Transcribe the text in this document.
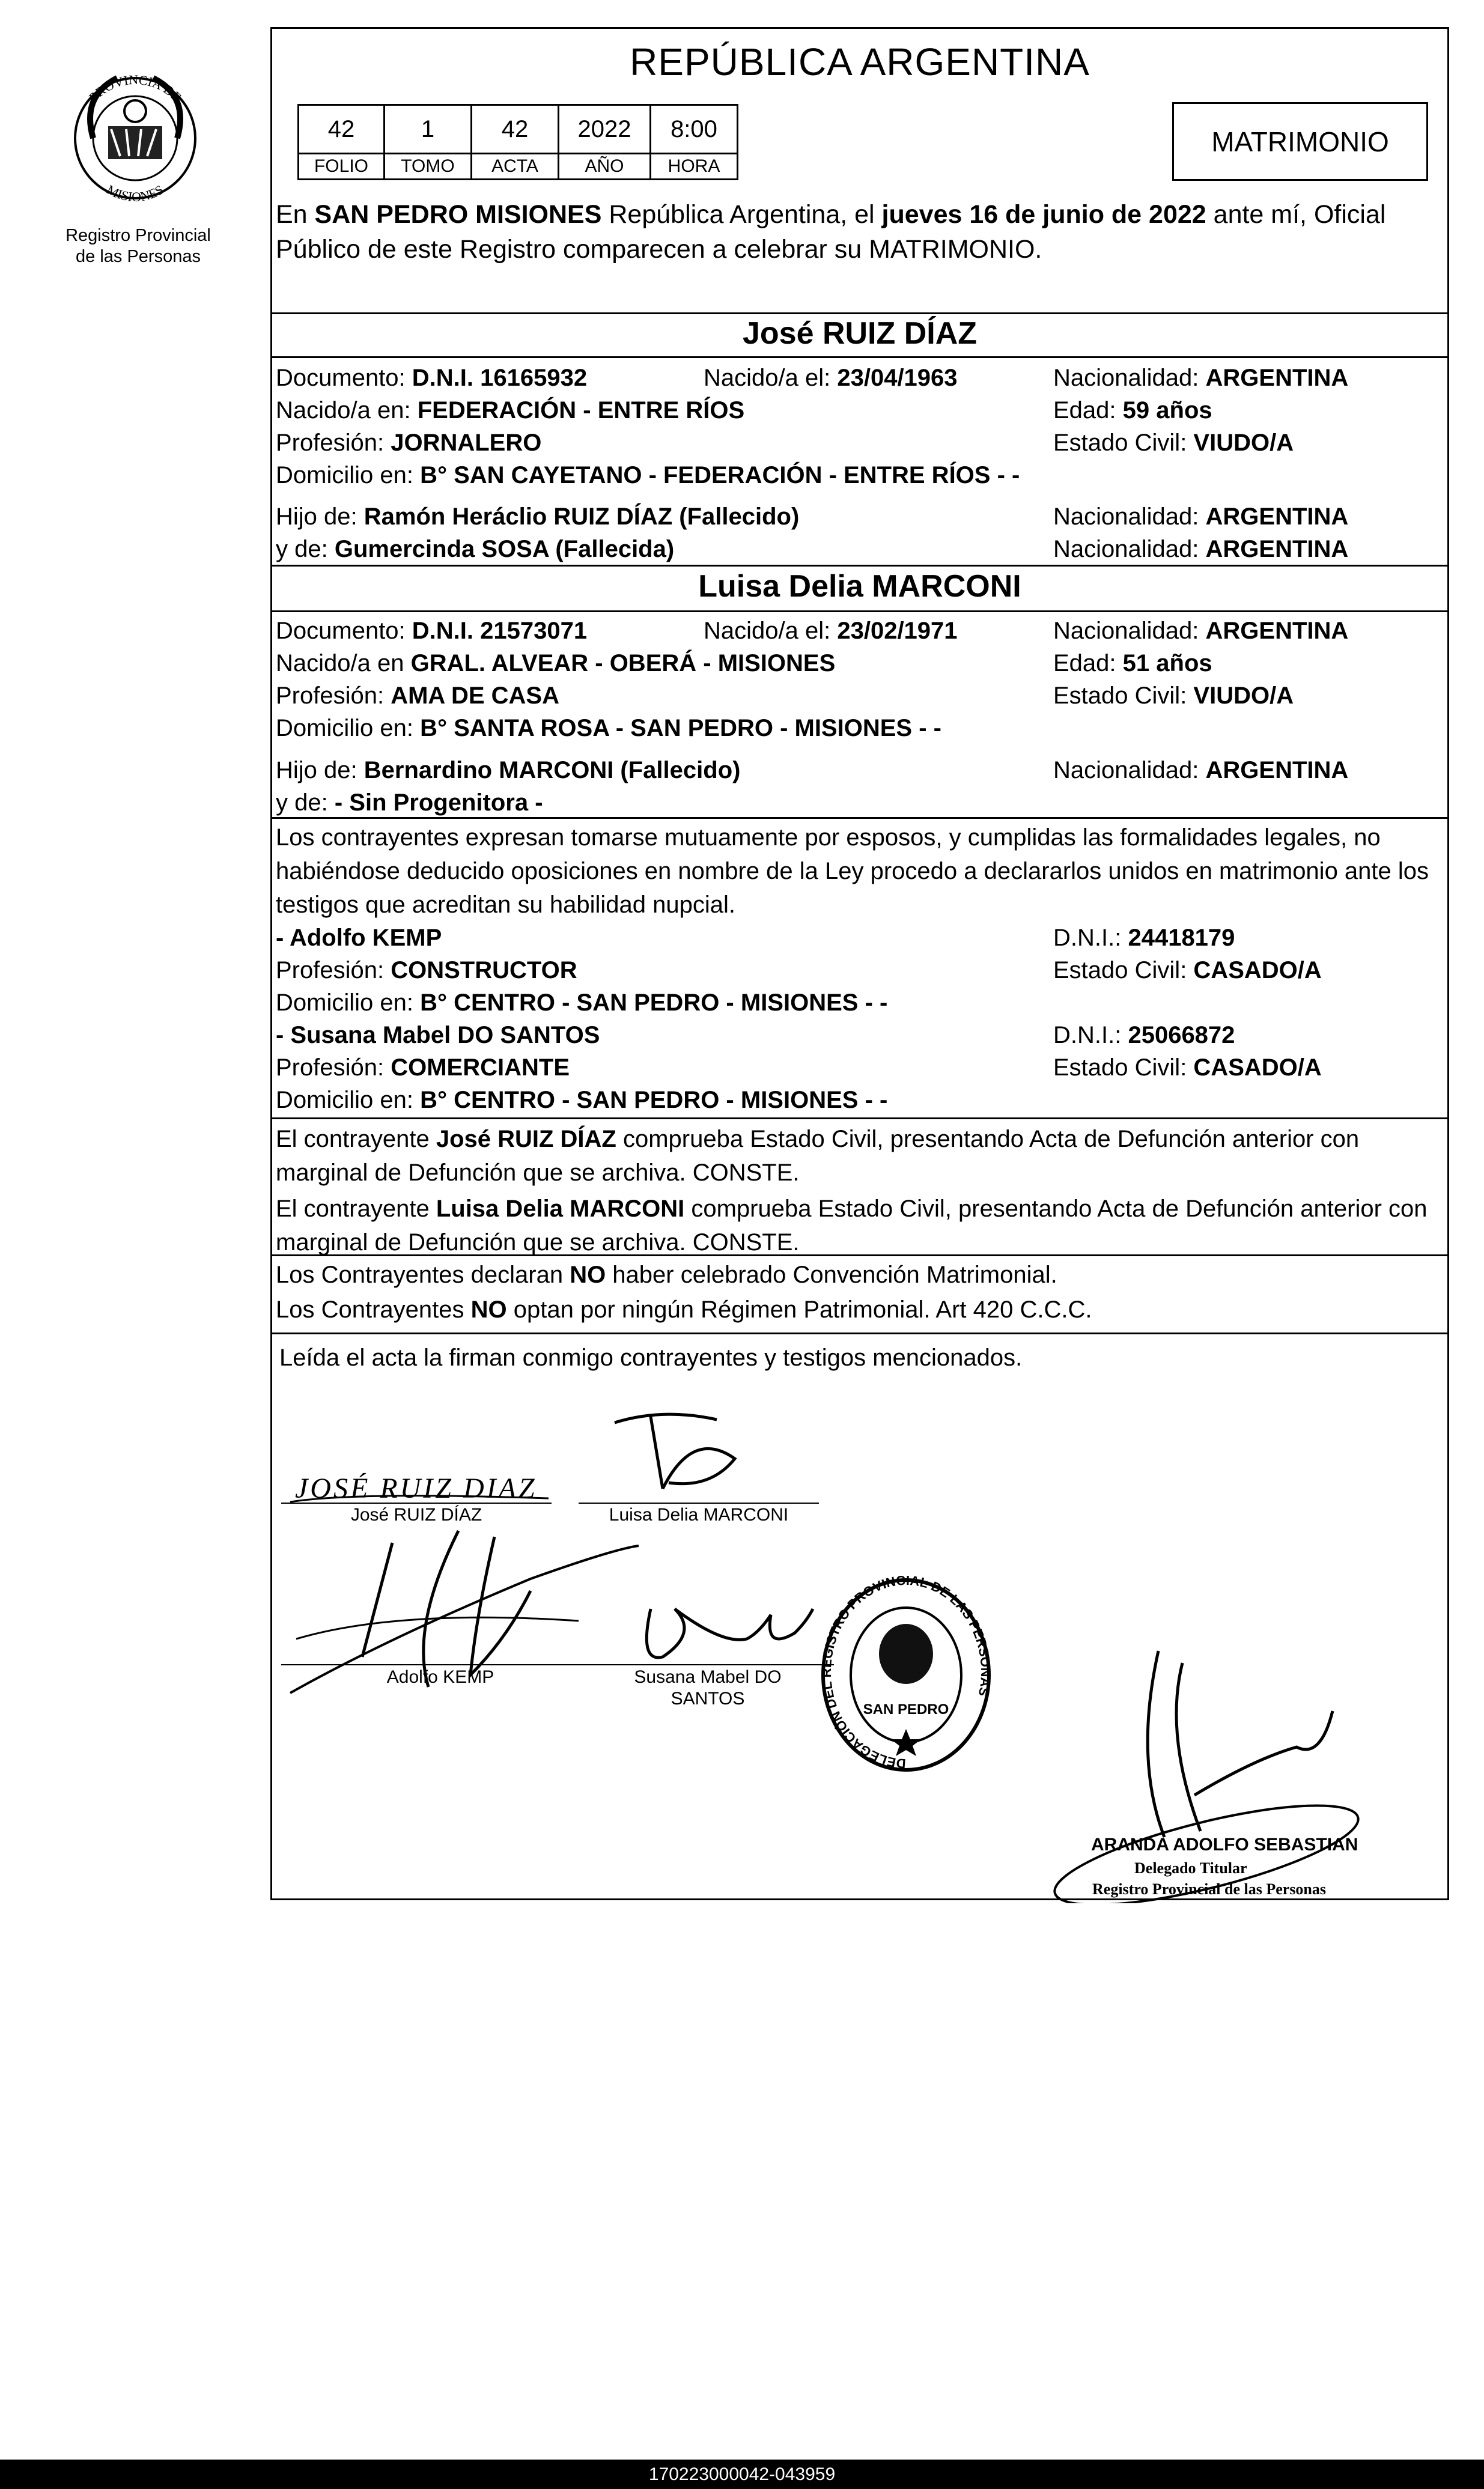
PROVINCIA DE
MISIONES
Registro Provincial
de las Personas
REPÚBLICA ARGENTINA
42	1	42	2022	8:00
FOLIO	TOMO	ACTA	AÑO	HORA
MATRIMONIO
En SAN PEDRO MISIONES República Argentina, el jueves 16 de junio de 2022 ante mí, Oficial Público de este Registro comparecen a celebrar su MATRIMONIO.
José RUIZ DÍAZ
Documento: D.N.I. 16165932	Nacido/a el: 23/04/1963	Nacionalidad: ARGENTINA
Nacido/a en: FEDERACIÓN - ENTRE RÍOS	Edad: 59 años
Profesión: JORNALERO	Estado Civil: VIUDO/A
Domicilio en: B° SAN CAYETANO - FEDERACIÓN - ENTRE RÍOS - -
Hijo de: Ramón Heráclio RUIZ DÍAZ (Fallecido)	Nacionalidad: ARGENTINA
y de: Gumercinda SOSA (Fallecida)	Nacionalidad: ARGENTINA
Luisa Delia MARCONI
Documento: D.N.I. 21573071	Nacido/a el: 23/02/1971	Nacionalidad: ARGENTINA
Nacido/a en GRAL. ALVEAR - OBERÁ - MISIONES	Edad: 51 años
Profesión: AMA DE CASA	Estado Civil: VIUDO/A
Domicilio en: B° SANTA ROSA - SAN PEDRO - MISIONES - -
Hijo de: Bernardino MARCONI (Fallecido)	Nacionalidad: ARGENTINA
y de: - Sin Progenitora -
Los contrayentes expresan tomarse mutuamente por esposos, y cumplidas las formalidades legales, no habiéndose deducido oposiciones en nombre de la Ley procedo a declararlos unidos en matrimonio ante los testigos que acreditan su habilidad nupcial.
- Adolfo KEMP	D.N.I.: 24418179
Profesión: CONSTRUCTOR	Estado Civil: CASADO/A
Domicilio en: B° CENTRO - SAN PEDRO - MISIONES - -
- Susana Mabel DO SANTOS	D.N.I.: 25066872
Profesión: COMERCIANTE	Estado Civil: CASADO/A
Domicilio en: B° CENTRO - SAN PEDRO - MISIONES - -
El contrayente José RUIZ DÍAZ comprueba Estado Civil, presentando Acta de Defunción anterior con marginal de Defunción que se archiva. CONSTE.
El contrayente Luisa Delia MARCONI comprueba Estado Civil, presentando Acta de Defunción anterior con marginal de Defunción que se archiva. CONSTE.
Los Contrayentes declaran NO haber celebrado Convención Matrimonial.
Los Contrayentes NO optan por ningún Régimen Patrimonial. Art 420 C.C.C.
Leída el acta la firman conmigo contrayentes y testigos mencionados.
JOSÉ RUIZ DIAZ
José RUIZ DÍAZ	Luisa Delia MARCONI
Adolfo KEMP	Susana Mabel DO
SANTOS
DELEGACIÓN DEL REGISTRO PROVINCIAL DE LAS PERSONAS
SAN PEDRO
ARANDA ADOLFO SEBASTIAN
Delegado Titular
Registro Provincial de las Personas
170223000042-043959
